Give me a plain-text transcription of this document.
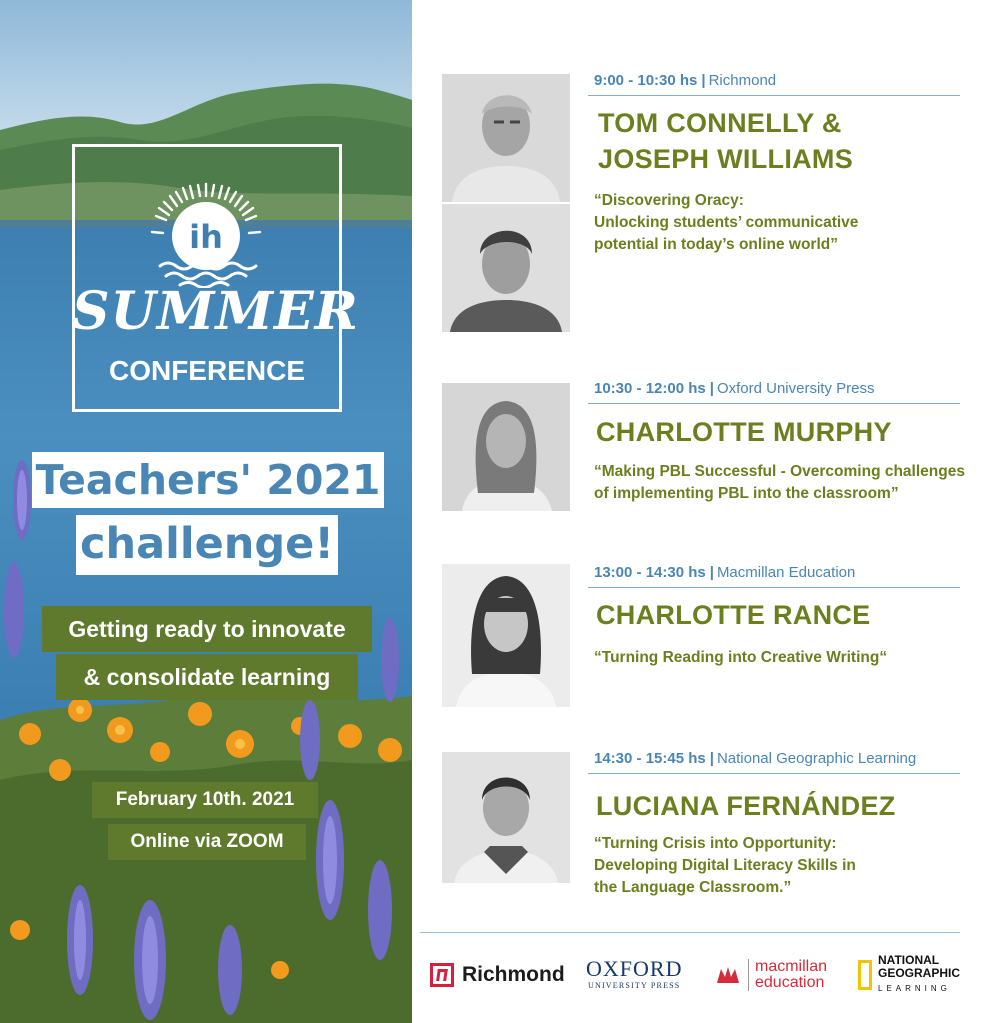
ih
SUMMER
CONFERENCE
Teachers' 2021
challenge!
Getting ready to innovate
& consolidate learning
February 10th. 2021
Online via ZOOM
9:00 - 10:30 hs | Richmond
TOM CONNELLY &
JOSEPH WILLIAMS
“Discovering Oracy:
Unlocking students’ communicative
potential in today’s online world”
10:30 - 12:00 hs | Oxford University Press
CHARLOTTE MURPHY
“Making PBL Successful - Overcoming challenges
of implementing PBL into the classroom”
13:00 - 14:30 hs | Macmillan Education
CHARLOTTE RANCE
“Turning Reading into Creative Writing“
14:30 - 15:45 hs | National Geographic Learning
LUCIANA FERNÁNDEZ
“Turning Crisis into Opportunity:
Developing Digital Literacy Skills in
the Language Classroom.”
Richmond OXFORD
UNIVERSITY PRESS
macmillan
education
NATIONAL
GEOGRAPHIC
LEARNING
